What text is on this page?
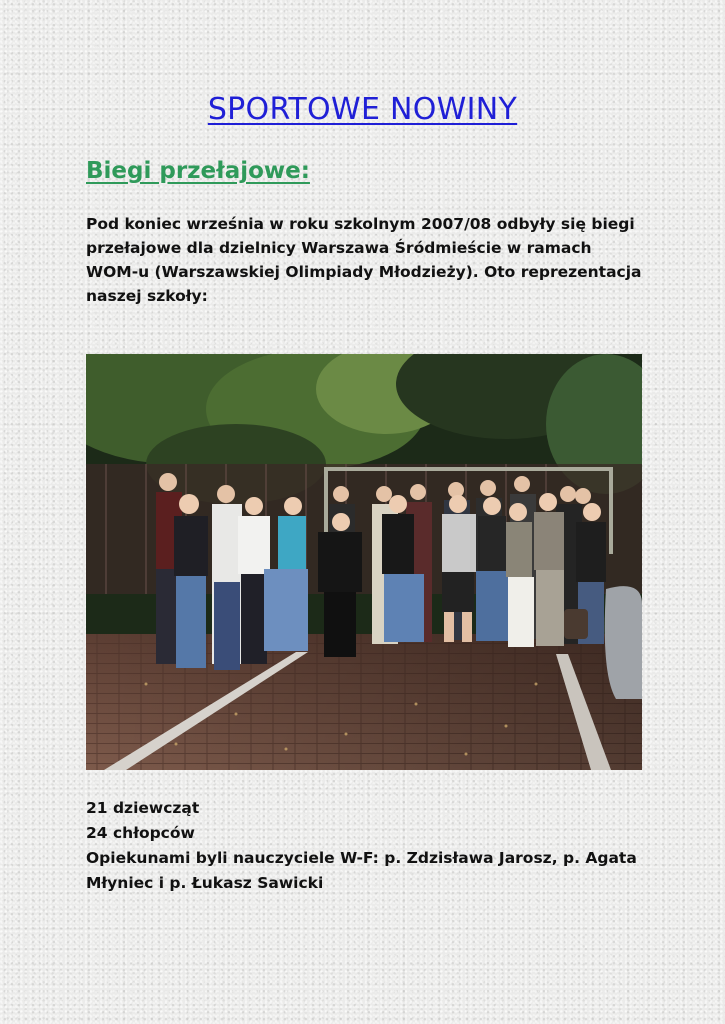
SPORTOWE NOWINY
Biegi przełajowe:

Pod koniec września w roku szkolnym 2007/08 odbyły się biegi przełajowe dla dzielnicy Warszawa Śródmieście w ramach WOM-u (Warszawskiej Olimpiady Młodzieży). Oto reprezentacja naszej szkoły:

21 dziewcząt

24 chłopców

Opiekunami byli nauczyciele W-F: p. Zdzisława Jarosz, p. Agata Młyniec i p. Łukasz Sawicki
